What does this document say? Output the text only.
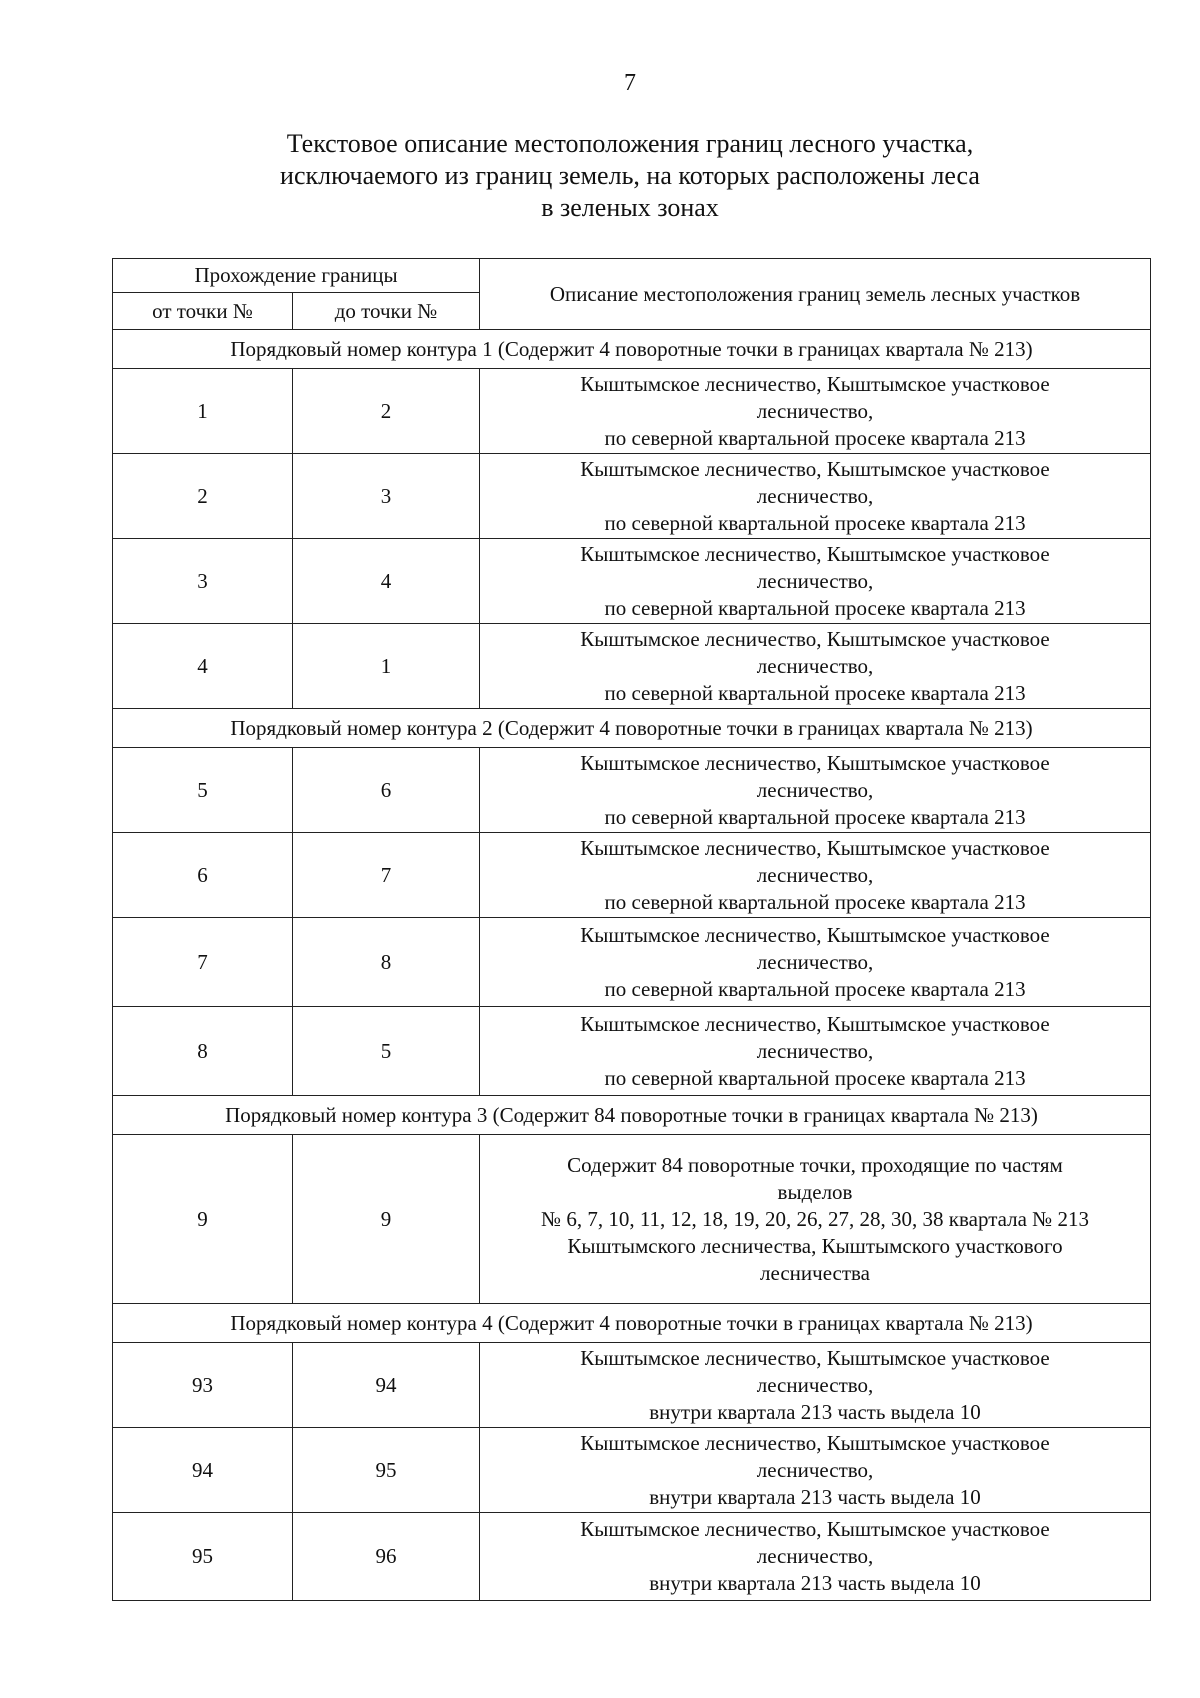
7
Текстовое описание местоположения границ лесного участка,
исключаемого из границ земель, на которых расположены леса
в зеленых зонах
Прохождение границы		Описание местоположения границ земель лесных участков
от точки №	до точки №	
Порядковый номер контура 1 (Содержит 4 поворотные точки в границах квартала № 213)		
1	2	Кыштымское лесничество, Кыштымское участковое
лесничество,
по северной квартальной просеке квартала 213

2	3	Кыштымское лесничество, Кыштымское участковое
лесничество,
по северной квартальной просеке квартала 213

3	4	Кыштымское лесничество, Кыштымское участковое
лесничество,
по северной квартальной просеке квартала 213

4	1	Кыштымское лесничество, Кыштымское участковое
лесничество,
по северной квартальной просеке квартала 213

Порядковый номер контура 2 (Содержит 4 поворотные точки в границах квартала № 213)		
5	6	Кыштымское лесничество, Кыштымское участковое
лесничество,
по северной квартальной просеке квартала 213

6	7	Кыштымское лесничество, Кыштымское участковое
лесничество,
по северной квартальной просеке квартала 213

7	8	Кыштымское лесничество, Кыштымское участковое
лесничество,
по северной квартальной просеке квартала 213

8	5	Кыштымское лесничество, Кыштымское участковое
лесничество,
по северной квартальной просеке квартала 213

Порядковый номер контура 3 (Содержит 84 поворотные точки в границах квартала № 213)		
9	9	Содержит 84 поворотные точки, проходящие по частям
выделов
№ 6, 7, 10, 11, 12, 18, 19, 20, 26, 27, 28, 30, 38 квартала № 213
Кыштымского лесничества, Кыштымского участкового
лесничества

Порядковый номер контура 4 (Содержит 4 поворотные точки в границах квартала № 213)		
93	94	Кыштымское лесничество, Кыштымское участковое
лесничество,
внутри квартала 213 часть выдела 10

94	95	Кыштымское лесничество, Кыштымское участковое
лесничество,
внутри квартала 213 часть выдела 10

95	96	Кыштымское лесничество, Кыштымское участковое
лесничество,
внутри квартала 213 часть выдела 10
